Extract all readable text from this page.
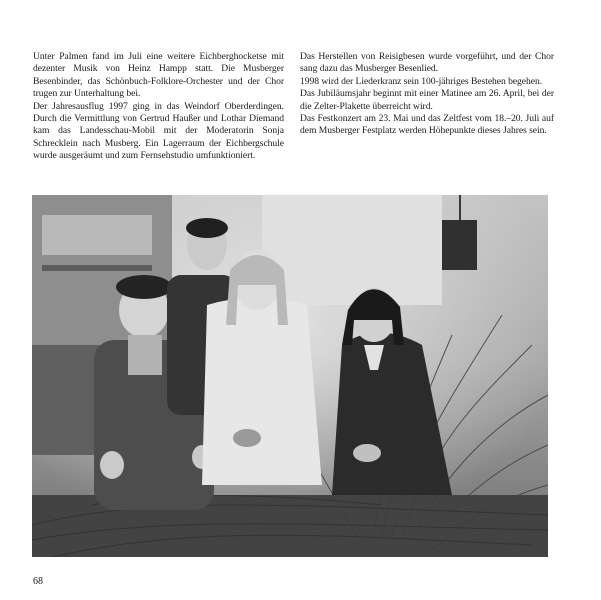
Unter Palmen fand im Juli eine weitere Eichberghocketse mit dezenter Musik von Heinz Hampp statt. Die Musberger Besenbinder, das Schönbuch-Folklore-Orchester und der Chor trugen zur Unterhaltung bei.

Der Jahresausflug 1997 ging in das Weindorf Oberderdingen. Durch die Vermittlung von Gertrud Haußer und Lothar Diemand kam das Landesschau-Mobil mit der Moderatorin Sonja Schrecklein nach Musberg. Ein Lagerraum der Eichbergschule wurde ausgeräumt und zum Fernsehstudio umfunktioniert.

Das Herstellen von Reisigbesen wurde vorgeführt, und der Chor sang dazu das Musberger Besenlied.

1998 wird der Liederkranz sein 100-jähriges Bestehen begehen.

Das Jubiläumsjahr beginnt mit einer Matinee am 26. April, bei der die Zelter-Plakette überreicht wird.

Das Festkonzert am 23. Mai und das Zeltfest vom 18.–20. Juli auf dem Musberger Festplatz werden Höhepunkte dieses Jahres sein.

68
